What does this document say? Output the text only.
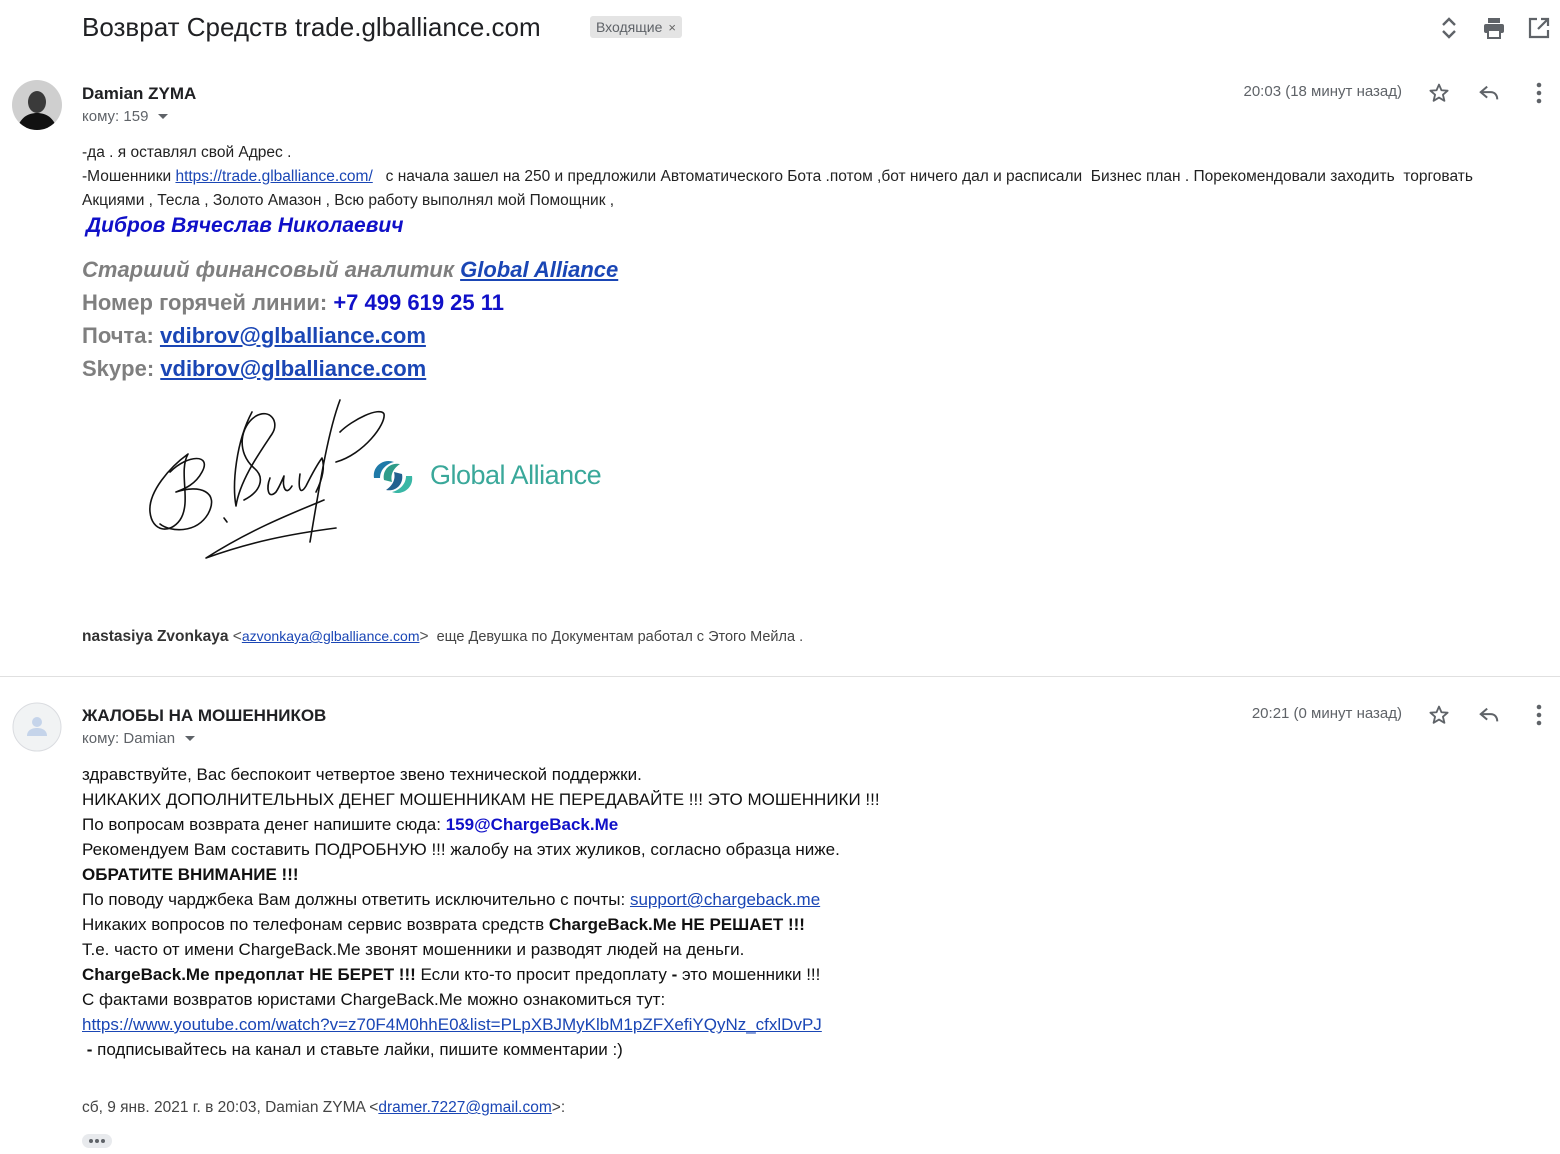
Возврат Средств trade.glballiance.com	Входящие ×
Damian ZYMA
кому: 159
20:03 (18 минут назад)
-да . я оставлял свой Адрес .
-Мошенники https://trade.glballiance.com/   с начала зашел на 250 и предложили Автоматического Бота .потом ,бот ничего дал и расписали  Бизнес план . Порекомендовали заходить  торговать
Акциями , Тесла , Золото Амазон , Всю работу выполнял мой Помощник ,
Дибров Вячеслав Николаевич
Старший финансовый аналитик Global Alliance
Номер горячей линии: +7 499 619 25 11
Почта: vdibrov@glballiance.com
Skype: vdibrov@glballiance.com
Global Alliance
nastasiya Zvonkaya <azvonkaya@glballiance.com>  еще Девушка по Документам работал с Этого Мейла .
ЖАЛОБЫ НА МОШЕННИКОВ
кому: Damian
20:21 (0 минут назад)
здравствуйте, Вас беспокоит четвертое звено технической поддержки.
НИКАКИХ ДОПОЛНИТЕЛЬНЫХ ДЕНЕГ МОШЕННИКАМ НЕ ПЕРЕДАВАЙТЕ !!! ЭТО МОШЕННИКИ !!!
По вопросам возврата денег напишите сюда: 159@ChargeBack.Me
Рекомендуем Вам составить ПОДРОБНУЮ !!! жалобу на этих жуликов, согласно образца ниже.
ОБРАТИТЕ ВНИМАНИЕ !!!
По поводу чарджбека Вам должны ответить исключительно с почты: support@chargeback.me
Никаких вопросов по телефонам сервис возврата средств ChargeBack.Me НЕ РЕШАЕТ !!!
Т.е. часто от имени ChargeBack.Me звонят мошенники и разводят людей на деньги.
ChargeBack.Me предоплат НЕ БЕРЕТ !!! Если кто-то просит предоплату - это мошенники !!!
С фактами возвратов юристами ChargeBack.Me можно ознакомиться тут:
https://www.youtube.com/watch?v=z70F4M0hhE0&list=PLpXBJMyKlbM1pZFXefiYQyNz_cfxlDvPJ
- подписывайтесь на канал и ставьте лайки, пишите комментарии :)
сб, 9 янв. 2021 г. в 20:03, Damian ZYMA <dramer.7227@gmail.com>:
